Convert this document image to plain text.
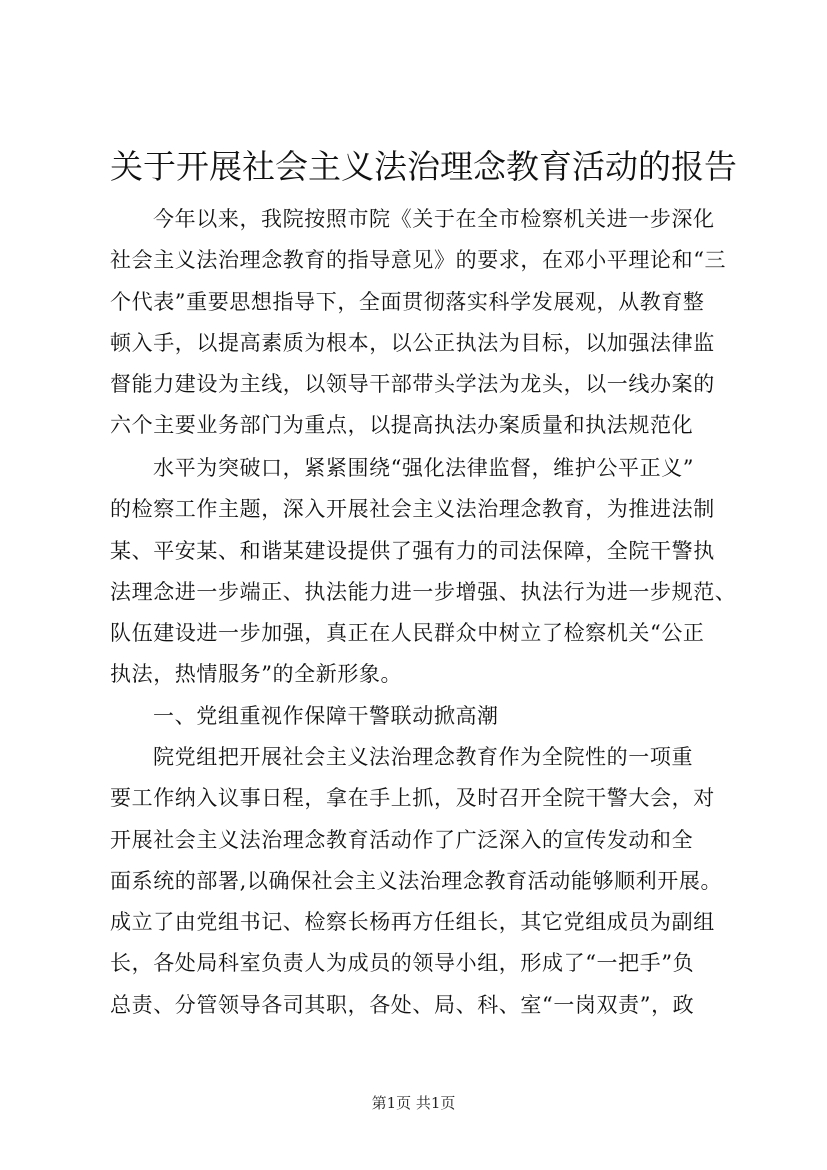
关于开展社会主义法治理念教育活动的报告
今年以来，我院按照市院《关于在全市检察机关进一步深化
社会主义法治理念教育的指导意见》的要求，在邓小平理论和“三
个代表”重要思想指导下，全面贯彻落实科学发展观，从教育整
顿入手，以提高素质为根本，以公正执法为目标，以加强法律监
督能力建设为主线，以领导干部带头学法为龙头，以一线办案的
六个主要业务部门为重点，以提高执法办案质量和执法规范化
水平为突破口，紧紧围绕“强化法律监督，维护公平正义”
的检察工作主题，深入开展社会主义法治理念教育，为推进法制
某、平安某、和谐某建设提供了强有力的司法保障，全院干警执
法理念进一步端正、执法能力进一步增强、执法行为进一步规范、
队伍建设进一步加强，真正在人民群众中树立了检察机关“公正
执法，热情服务”的全新形象。
一、党组重视作保障干警联动掀高潮
院党组把开展社会主义法治理念教育作为全院性的一项重
要工作纳入议事日程，拿在手上抓，及时召开全院干警大会，对
开展社会主义法治理念教育活动作了广泛深入的宣传发动和全
面系统的部署,以确保社会主义法治理念教育活动能够顺利开展。
成立了由党组书记、检察长杨再方任组长，其它党组成员为副组
长，各处局科室负责人为成员的领导小组，形成了“一把手”负
总责、分管领导各司其职，各处、局、科、室“一岗双责”，政
第1页 共1页
